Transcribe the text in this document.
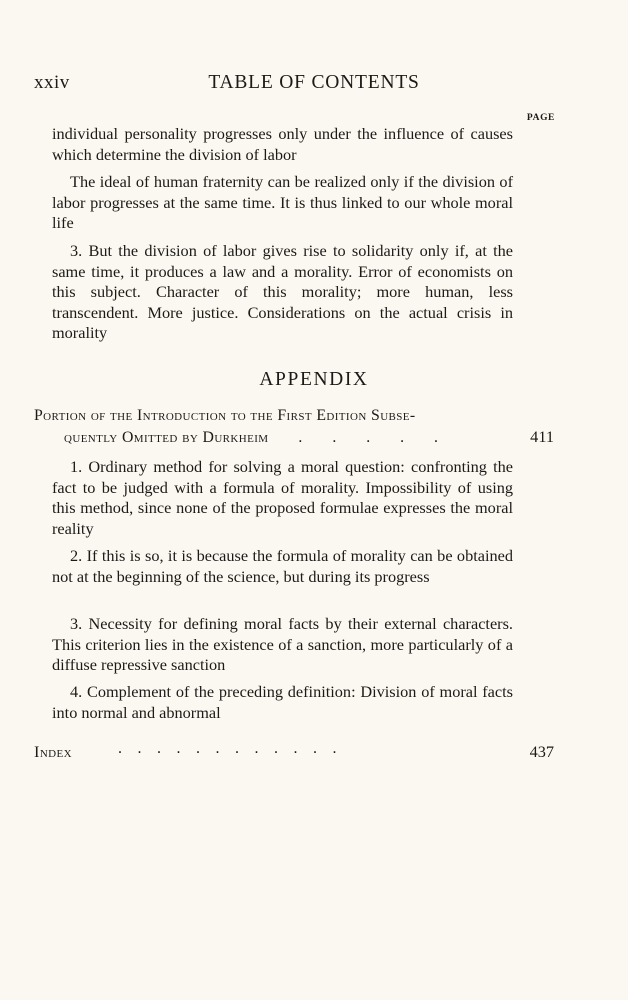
xxiv	TABLE OF CONTENTS
PAGE
individual personality progresses only under the influence of causes which determine the division of labor
The ideal of human fraternity can be realized only if the division of labor progresses at the same time. It is thus linked to our whole moral life
3. But the division of labor gives rise to solidarity only if, at the same time, it produces a law and a morality. Error of economists on this subject. Character of this morality; more human, less transcendent. More justice. Considerations on the actual crisis in morality
APPENDIX
Portion of the Introduction to the First Edition Subse-
quently Omitted by Durkheim . . . . .	411
1. Ordinary method for solving a moral question: confronting the fact to be judged with a formula of morality. Impossibility of using this method, since none of the proposed formulae expresses the moral reality
2. If this is so, it is because the formula of morality can be obtained not at the beginning of the science, but during its progress
3. Necessity for defining moral facts by their external characters. This criterion lies in the existence of a sanction, more particularly of a diffuse repressive sanction
4. Complement of the preceding definition: Division of moral facts into normal and abnormal
Index	............	437
